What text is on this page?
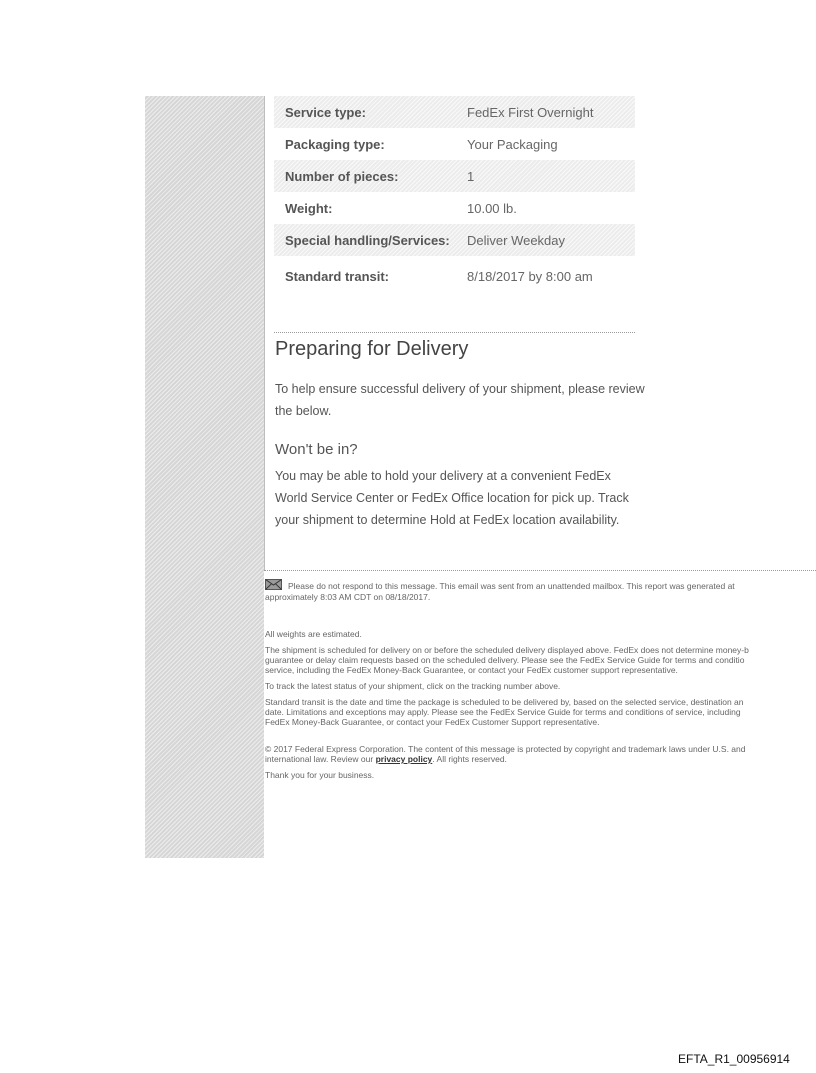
Service type:	FedEx First Overnight
Packaging type:	Your Packaging
Number of pieces:	1
Weight:	10.00 lb.
Special handling/Services:	Deliver Weekday
Standard transit:	8/18/2017 by 8:00 am
Preparing for Delivery

To help ensure successful delivery of your shipment, please review the below.

Won't be in?

You may be able to hold your delivery at a convenient FedEx World Service Center or FedEx Office location for pick up. Track your shipment to determine Hold at FedEx location availability.

Please do not respond to this message. This email was sent from an unattended mailbox. This report was generated at

approximately 8:03 AM CDT on 08/18/2017.

All weights are estimated.

The shipment is scheduled for delivery on or before the scheduled delivery displayed above. FedEx does not determine money-b

guarantee or delay claim requests based on the scheduled delivery. Please see the FedEx Service Guide for terms and conditio

service, including the FedEx Money-Back Guarantee, or contact your FedEx customer support representative.

To track the latest status of your shipment, click on the tracking number above.

Standard transit is the date and time the package is scheduled to be delivered by, based on the selected service, destination an

date. Limitations and exceptions may apply. Please see the FedEx Service Guide for terms and conditions of service, including

FedEx Money-Back Guarantee, or contact your FedEx Customer Support representative.

© 2017 Federal Express Corporation. The content of this message is protected by copyright and trademark laws under U.S. and

international law. Review our privacy policy. All rights reserved.

Thank you for your business.

EFTA_R1_00956914
